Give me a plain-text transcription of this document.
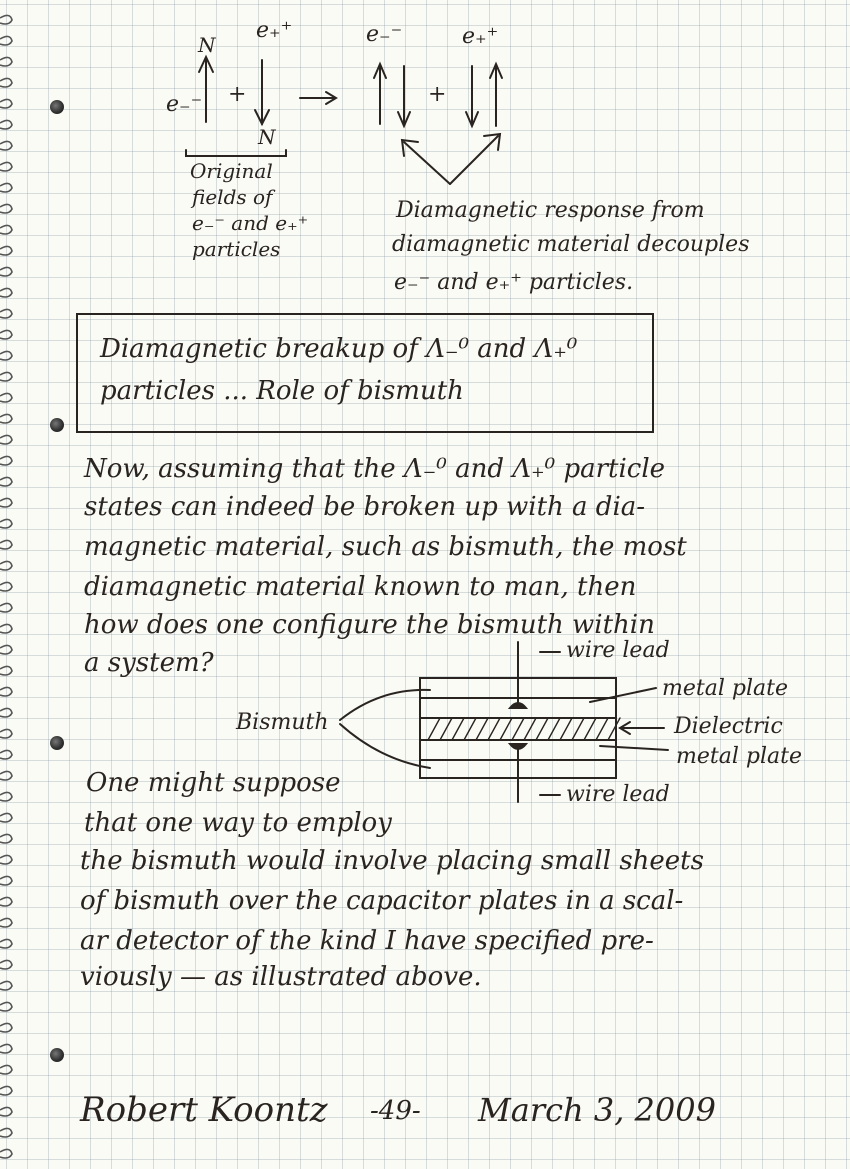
N

N

e₋⁻

e₊⁺	e₋⁻	e₊⁺

+	+

Original

fields of

e₋⁻ and e₊⁺

particles

Diamagnetic response from

diamagnetic material decouples

e₋⁻ and e₊⁺ particles.

Diamagnetic breakup of Λ₋⁰ and Λ₊⁰

particles ... Role of bismuth

Now, assuming that the Λ₋⁰ and Λ₊⁰ particle

states can indeed be broken up with a dia-

magnetic material, such as bismuth, the most

diamagnetic material known to man, then

how does one configure the bismuth within

a system?	wire lead

metal plate

Dielectric

metal plate

wire lead

Bismuth

One might suppose

that one way to employ

the bismuth would involve placing small sheets

of bismuth over the capacitor plates in a scal-

ar detector of the kind I have specified pre-

viously — as illustrated above.

Robert Koontz -49- March 3, 2009
